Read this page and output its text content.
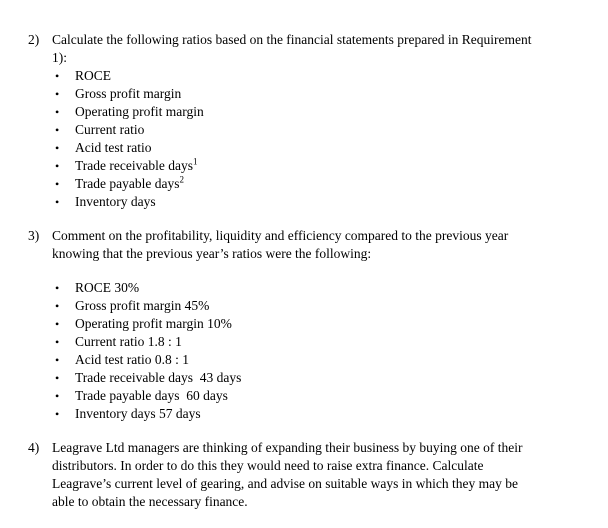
2) Calculate the following ratios based on the financial statements prepared in Requirement
1):
•	ROCE
•	Gross profit margin
•	Operating profit margin
•	Current ratio
•	Acid test ratio
•	Trade receivable days$^1$
•	Trade payable days$^2$
•	Inventory days
3) Comment on the profitability, liquidity and efficiency compared to the previous year
knowing that the previous year’s ratios were the following:
•	ROCE 30%
•	Gross profit margin 45%
•	Operating profit margin 10%
•	Current ratio 1.8 : 1
•	Acid test ratio 0.8 : 1
•	Trade receivable days  43 days
•	Trade payable days  60 days
•	Inventory days 57 days
4) Leagrave Ltd managers are thinking of expanding their business by buying one of their
distributors. In order to do this they would need to raise extra finance. Calculate
Leagrave’s current level of gearing, and advise on suitable ways in which they may be
able to obtain the necessary finance.
